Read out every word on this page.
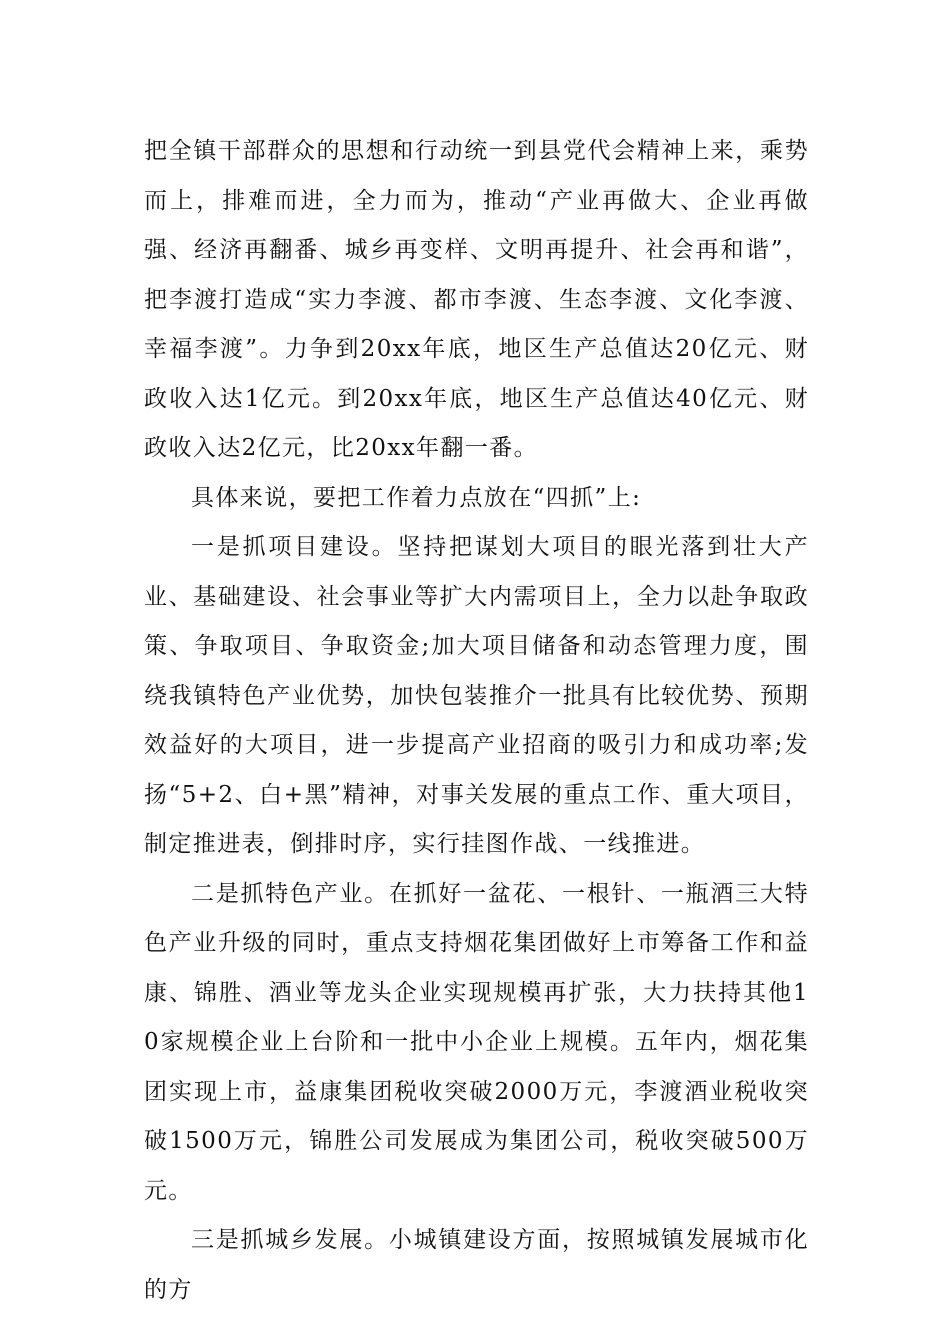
把全镇干部群众的思想和行动统一到县党代会精神上来，乘势而上，排难而进，全力而为，推动“产业再做大、企业再做强、经济再翻番、城乡再变样、文明再提升、社会再和谐”，把李渡打造成“实力李渡、都市李渡、生态李渡、文化李渡、幸福李渡”。力争到20xx年底，地区生产总值达20亿元、财政收入达1亿元。到20xx年底，地区生产总值达40亿元、财政收入达2亿元，比20xx年翻一番。

具体来说，要把工作着力点放在“四抓”上:

一是抓项目建设。坚持把谋划大项目的眼光落到壮大产业、基础建设、社会事业等扩大内需项目上，全力以赴争取政策、争取项目、争取资金;加大项目储备和动态管理力度，围绕我镇特色产业优势，加快包装推介一批具有比较优势、预期效益好的大项目，进一步提高产业招商的吸引力和成功率;发扬“5+2、白+黑”精神，对事关发展的重点工作、重大项目，制定推进表，倒排时序，实行挂图作战、一线推进。

二是抓特色产业。在抓好一盆花、一根针、一瓶酒三大特色产业升级的同时，重点支持烟花集团做好上市筹备工作和益康、锦胜、酒业等龙头企业实现规模再扩张，大力扶持其他10家规模企业上台阶和一批中小企业上规模。五年内，烟花集团实现上市，益康集团税收突破2000万元，李渡酒业税收突破1500万元，锦胜公司发展成为集团公司，税收突破500万元。

三是抓城乡发展。小城镇建设方面，按照城镇发展城市化的方
